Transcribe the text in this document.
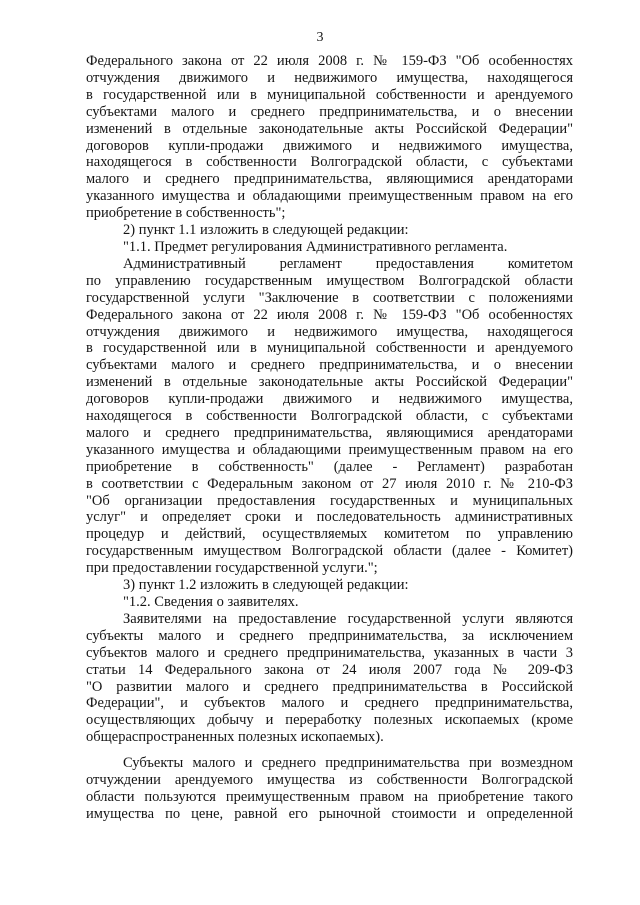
3
Федерального закона от 22 июля 2008 г. № 159-ФЗ "Об особенностях
отчуждения движимого и недвижимого имущества, находящегося
в государственной или в муниципальной собственности и арендуемого
субъектами малого и среднего предпринимательства, и о внесении
изменений в отдельные законодательные акты Российской Федерации"
договоров купли-продажи движимого и недвижимого имущества,
находящегося в собственности Волгоградской области, с субъектами
малого и среднего предпринимательства, являющимися арендаторами
указанного имущества и обладающими преимущественным правом на его
приобретение в собственность";
2) пункт 1.1 изложить в следующей редакции:
"1.1. Предмет регулирования Административного регламента.
Административный регламент предоставления комитетом
по управлению государственным имуществом Волгоградской области
государственной услуги "Заключение в соответствии с положениями
Федерального закона от 22 июля 2008 г. № 159-ФЗ "Об особенностях
отчуждения движимого и недвижимого имущества, находящегося
в государственной или в муниципальной собственности и арендуемого
субъектами малого и среднего предпринимательства, и о внесении
изменений в отдельные законодательные акты Российской Федерации"
договоров купли-продажи движимого и недвижимого имущества,
находящегося в собственности Волгоградской области, с субъектами
малого и среднего предпринимательства, являющимися арендаторами
указанного имущества и обладающими преимущественным правом на его
приобретение в собственность" (далее - Регламент) разработан
в соответствии с Федеральным законом от 27 июля 2010 г. № 210-ФЗ
"Об организации предоставления государственных и муниципальных
услуг" и определяет сроки и последовательность административных
процедур и действий, осуществляемых комитетом по управлению
государственным имуществом Волгоградской области (далее - Комитет)
при предоставлении государственной услуги.";
3) пункт 1.2 изложить в следующей редакции:
"1.2. Сведения о заявителях.
Заявителями на предоставление государственной услуги являются
субъекты малого и среднего предпринимательства, за исключением
субъектов малого и среднего предпринимательства, указанных в части 3
статьи 14 Федерального закона от 24 июля 2007 года № 209-ФЗ
"О развитии малого и среднего предпринимательства в Российской
Федерации", и субъектов малого и среднего предпринимательства,
осуществляющих добычу и переработку полезных ископаемых (кроме
общераспространенных полезных ископаемых).
Субъекты малого и среднего предпринимательства при возмездном
отчуждении арендуемого имущества из собственности Волгоградской
области пользуются преимущественным правом на приобретение такого
имущества по цене, равной его рыночной стоимости и определенной
